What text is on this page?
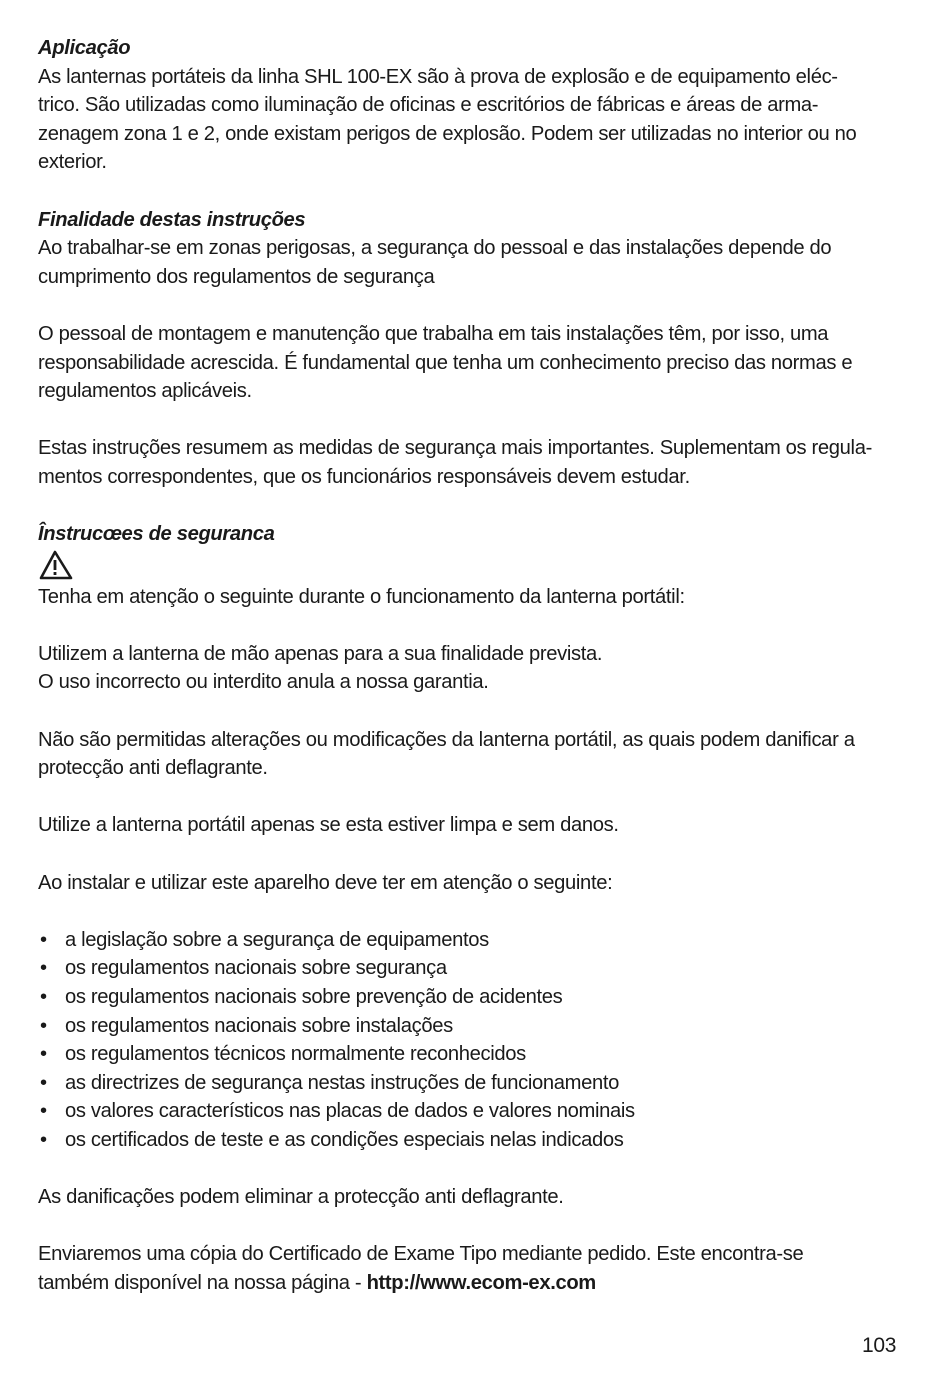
Aplicação

As lanternas portáteis da linha SHL 100-EX são à prova de explosão e de equipamento eléc-

trico. São utilizadas como iluminação de oficinas e escritórios de fábricas e áreas de arma-

zenagem zona 1 e 2, onde existam perigos de explosão. Podem ser utilizadas no interior ou no

exterior.

Finalidade destas instruções

Ao trabalhar-se em zonas perigosas, a segurança do pessoal e das instalações depende do

cumprimento dos regulamentos de segurança

O pessoal de montagem e manutenção que trabalha em tais instalações têm, por isso, uma

responsabilidade acrescida. É fundamental que tenha um conhecimento preciso das normas e

regulamentos aplicáveis.

Estas instruções resumem as medidas de segurança mais importantes. Suplementam os regula-

mentos correspondentes, que os funcionários responsáveis devem estudar.

Înstrucœes de seguranca

Tenha em atenção o seguinte durante o funcionamento da lanterna portátil:

Utilizem a lanterna de mão apenas para a sua finalidade prevista.

O uso incorrecto ou interdito anula a nossa garantia.

Não são permitidas alterações ou modificações da lanterna portátil, as quais podem danificar a

protecção anti deflagrante.

Utilize a lanterna portátil apenas se esta estiver limpa e sem danos.

Ao instalar e utilizar este aparelho deve ter em atenção o seguinte:

• a legislação sobre a segurança de equipamentos
• os regulamentos nacionais sobre segurança
• os regulamentos nacionais sobre prevenção de acidentes
• os regulamentos nacionais sobre instalações
• os regulamentos técnicos normalmente reconhecidos
• as directrizes de segurança nestas instruções de funcionamento
• os valores característicos nas placas de dados e valores nominais
• os certificados de teste e as condições especiais nelas indicados

As danificações podem eliminar a protecção anti deflagrante.

Enviaremos uma cópia do Certificado de Exame Tipo mediante pedido. Este encontra-se

também disponível na nossa página - http://www.ecom-ex.com

103
